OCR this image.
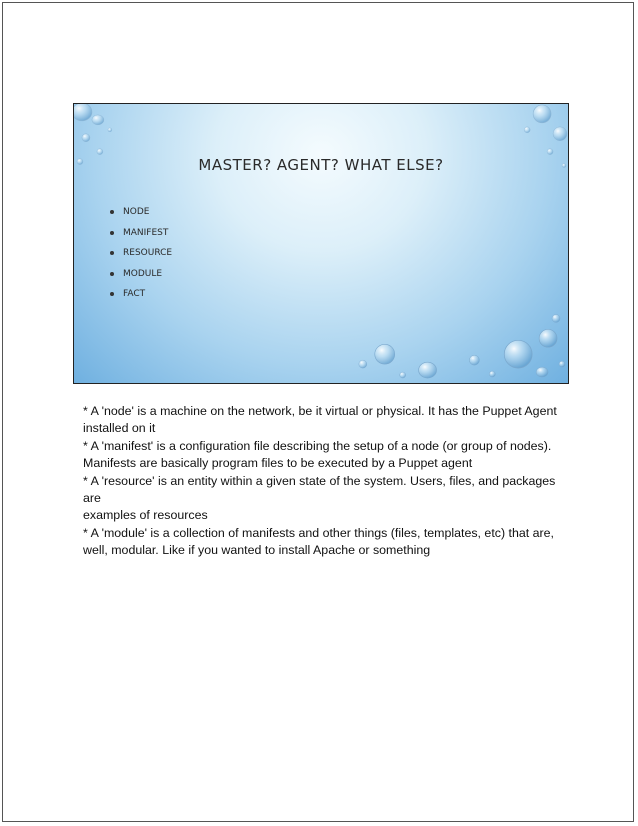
MASTER? AGENT? WHAT ELSE?
NODE
MANIFEST
RESOURCE
MODULE
FACT

* A 'node' is a machine on the network, be it virtual or physical. It has the Puppet Agent

installed on it

* A 'manifest' is a configuration file describing the setup of a node (or group of nodes).

Manifests are basically program files to be executed by a Puppet agent

* A 'resource' is an entity within a given state of the system. Users, files, and packages are

examples of resources

* A 'module' is a collection of manifests and other things (files, templates, etc) that are,

well, modular. Like if you wanted to install Apache or something
